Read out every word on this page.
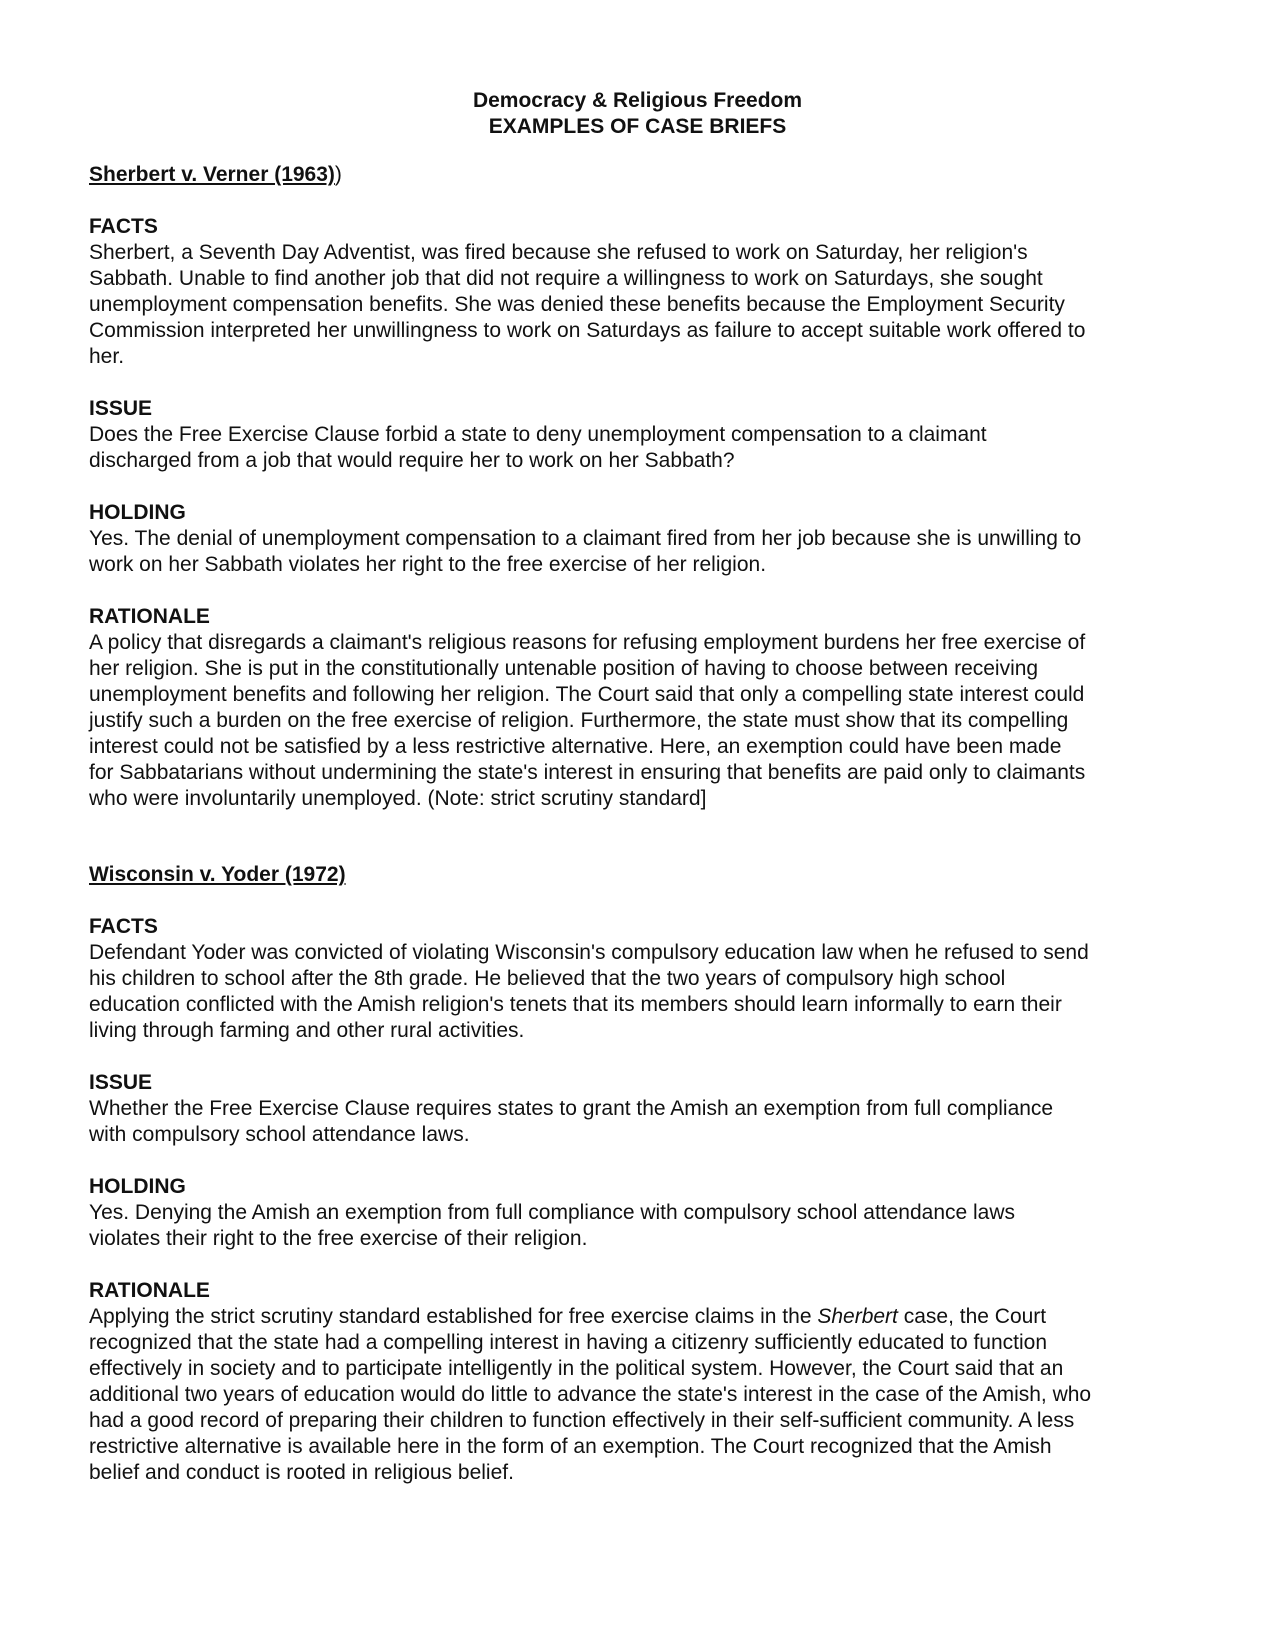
Democracy & Religious Freedom
EXAMPLES OF CASE BRIEFS
Sherbert v. Verner (1963))
FACTS
Sherbert, a Seventh Day Adventist, was fired because she refused to work on Saturday, her religion's
Sabbath. Unable to find another job that did not require a willingness to work on Saturdays, she sought
unemployment compensation benefits. She was denied these benefits because the Employment Security
Commission interpreted her unwillingness to work on Saturdays as failure to accept suitable work offered to
her.
ISSUE
Does the Free Exercise Clause forbid a state to deny unemployment compensation to a claimant
discharged from a job that would require her to work on her Sabbath?
HOLDING
Yes. The denial of unemployment compensation to a claimant fired from her job because she is unwilling to
work on her Sabbath violates her right to the free exercise of her religion.
RATIONALE
A policy that disregards a claimant's religious reasons for refusing employment burdens her free exercise of
her religion. She is put in the constitutionally untenable position of having to choose between receiving
unemployment benefits and following her religion. The Court said that only a compelling state interest could
justify such a burden on the free exercise of religion. Furthermore, the state must show that its compelling
interest could not be satisfied by a less restrictive alternative. Here, an exemption could have been made
for Sabbatarians without undermining the state's interest in ensuring that benefits are paid only to claimants
who were involuntarily unemployed. (Note: strict scrutiny standard]
Wisconsin v. Yoder (1972)
FACTS
Defendant Yoder was convicted of violating Wisconsin's compulsory education law when he refused to send
his children to school after the 8th grade. He believed that the two years of compulsory high school
education conflicted with the Amish religion's tenets that its members should learn informally to earn their
living through farming and other rural activities.
ISSUE
Whether the Free Exercise Clause requires states to grant the Amish an exemption from full compliance
with compulsory school attendance laws.
HOLDING
Yes. Denying the Amish an exemption from full compliance with compulsory school attendance laws
violates their right to the free exercise of their religion.
RATIONALE
Applying the strict scrutiny standard established for free exercise claims in the Sherbert case, the Court
recognized that the state had a compelling interest in having a citizenry sufficiently educated to function
effectively in society and to participate intelligently in the political system. However, the Court said that an
additional two years of education would do little to advance the state's interest in the case of the Amish, who
had a good record of preparing their children to function effectively in their self-sufficient community. A less
restrictive alternative is available here in the form of an exemption. The Court recognized that the Amish
belief and conduct is rooted in religious belief.
